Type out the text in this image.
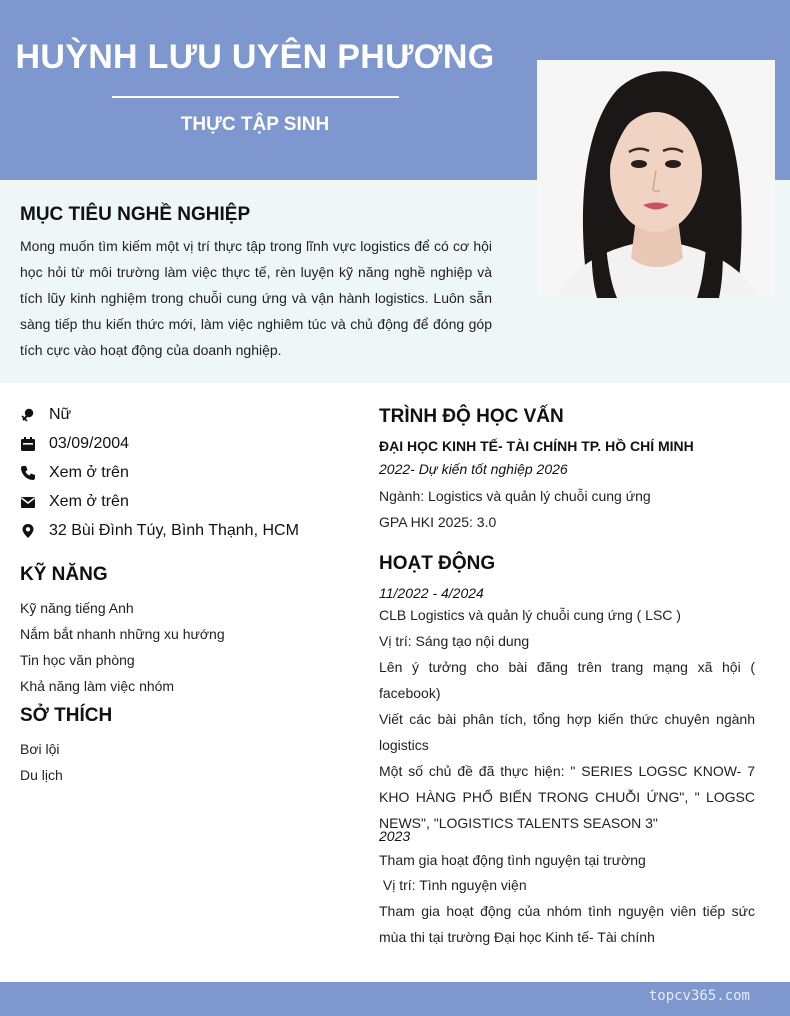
HUỲNH LƯU UYÊN PHƯƠNG
THỰC TẬP SINH
MỤC TIÊU NGHỀ NGHIỆP
Mong muốn tìm kiếm một vị trí thực tập trong lĩnh vực logistics để có cơ hội học hỏi từ môi trường làm việc thực tế, rèn luyện kỹ năng nghề nghiệp và tích lũy kinh nghiệm trong chuỗi cung ứng và vận hành logistics. Luôn sẵn sàng tiếp thu kiến thức mới, làm việc nghiêm túc và chủ động để đóng góp tích cực vào hoạt động của doanh nghiệp.
Nữ
03/09/2004
Xem ở trên
Xem ở trên
32 Bùi Đình Túy, Bình Thạnh, HCM
KỸ NĂNG
Kỹ năng tiếng Anh
Nắm bắt nhanh những xu hướng
Tin học văn phòng
Khả năng làm việc nhóm
SỞ THÍCH
Bơi lội
Du lịch
TRÌNH ĐỘ HỌC VẤN
ĐẠI HỌC KINH TẾ- TÀI CHÍNH TP. HỒ CHÍ MINH
2022- Dự kiến tốt nghiệp 2026
Ngành: Logistics và quản lý chuỗi cung ứng
GPA HKI 2025: 3.0
HOẠT ĐỘNG
11/2022 - 4/2024
CLB Logistics và quản lý chuỗi cung ứng ( LSC )
Vị trí: Sáng tạo nội dung
Lên ý tưởng cho bài đăng trên trang mạng xã hội ( facebook)
Viết các bài phân tích, tổng hợp kiến thức chuyên ngành logistics
Một số chủ đề đã thực hiện: " SERIES LOGSC KNOW- 7 KHO HÀNG PHỔ BIẾN TRONG CHUỖI ỨNG", " LOGSC NEWS", "LOGISTICS TALENTS SEASON 3"
2023
Tham gia hoạt động tình nguyện tại trường
Vị trí: Tình nguyện viện
Tham gia hoạt động của nhóm tình nguyện viên tiếp sức mùa thi tại trường Đại học Kinh tế- Tài chính
topcv365.com
